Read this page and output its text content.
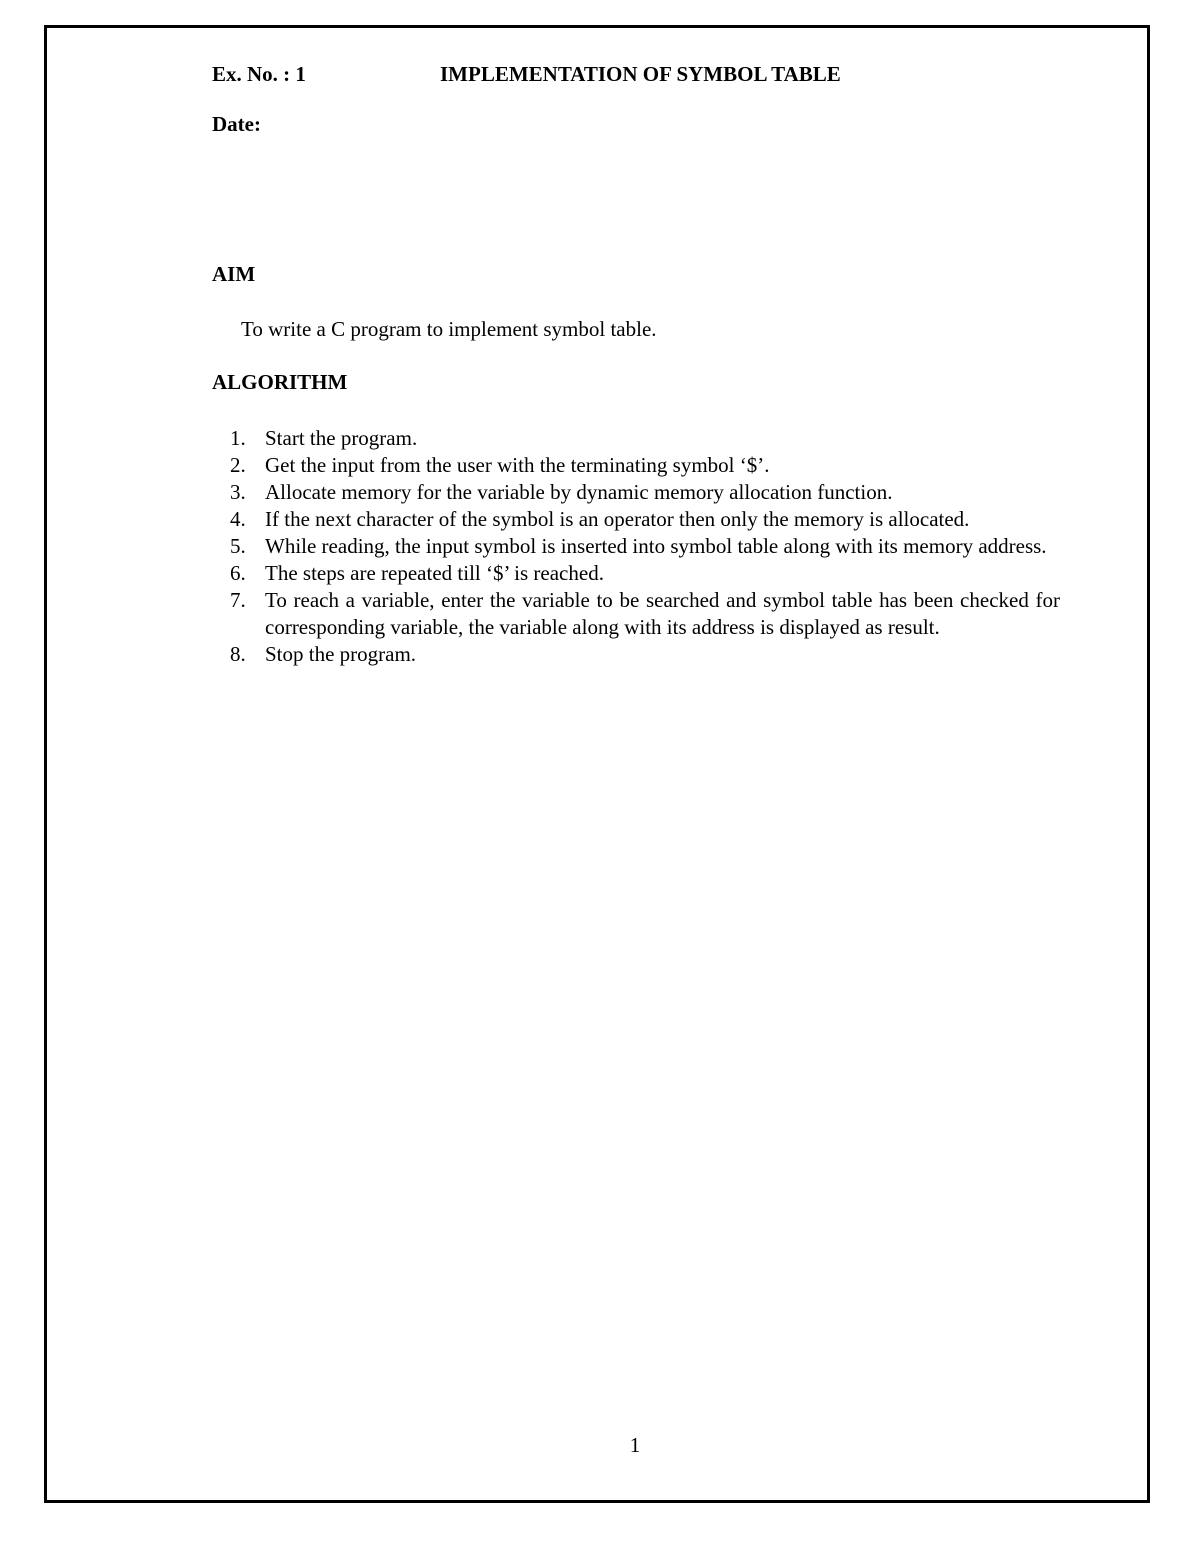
Ex. No. : 1	IMPLEMENTATION OF SYMBOL TABLE
Date:
AIM
To write a C program to implement symbol table.
ALGORITHM
1. Start the program.
2. Get the input from the user with the terminating symbol ‘$’.
3. Allocate memory for the variable by dynamic memory allocation function.
4. If the next character of the symbol is an operator then only the memory is allocated.
5. While reading, the input symbol is inserted into symbol table along with its memory address.
6. The steps are repeated till ‘$’ is reached.
7. To reach a variable, enter the variable to be searched and symbol table has been checked for corresponding variable, the variable along with its address is displayed as result.
8. Stop the program.
1
